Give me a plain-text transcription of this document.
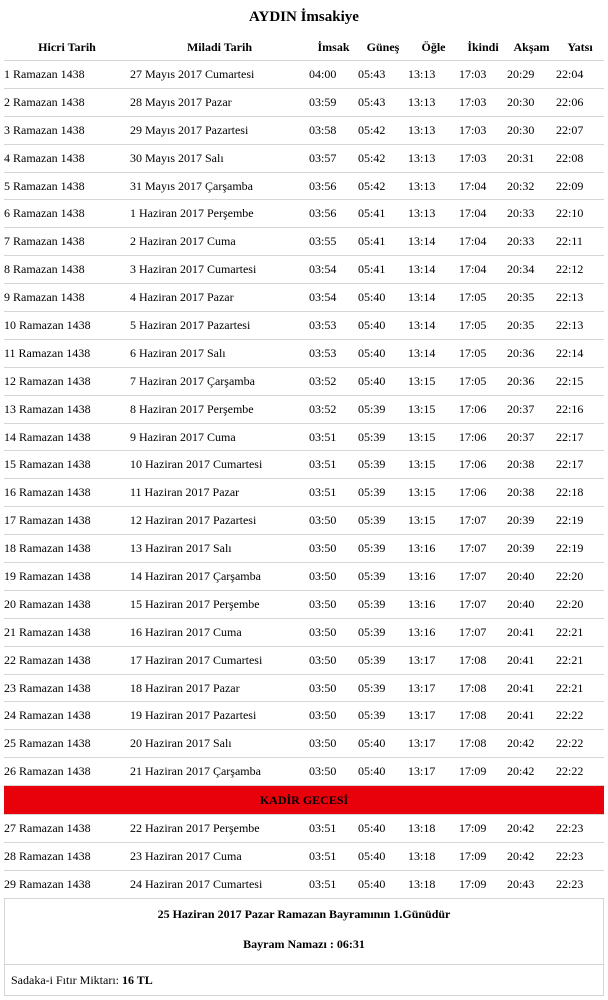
AYDIN İmsakiye
Hicri Tarih	Miladi Tarih	İmsak	Güneş	Öğle	İkindi	Akşam	Yatsı
1 Ramazan 1438	27 Mayıs 2017 Cumartesi	04:00	05:43	13:13	17:03	20:29	22:04
2 Ramazan 1438	28 Mayıs 2017 Pazar	03:59	05:43	13:13	17:03	20:30	22:06
3 Ramazan 1438	29 Mayıs 2017 Pazartesi	03:58	05:42	13:13	17:03	20:30	22:07
4 Ramazan 1438	30 Mayıs 2017 Salı	03:57	05:42	13:13	17:03	20:31	22:08
5 Ramazan 1438	31 Mayıs 2017 Çarşamba	03:56	05:42	13:13	17:04	20:32	22:09
6 Ramazan 1438	1 Haziran 2017 Perşembe	03:56	05:41	13:13	17:04	20:33	22:10
7 Ramazan 1438	2 Haziran 2017 Cuma	03:55	05:41	13:14	17:04	20:33	22:11
8 Ramazan 1438	3 Haziran 2017 Cumartesi	03:54	05:41	13:14	17:04	20:34	22:12
9 Ramazan 1438	4 Haziran 2017 Pazar	03:54	05:40	13:14	17:05	20:35	22:13
10 Ramazan 1438	5 Haziran 2017 Pazartesi	03:53	05:40	13:14	17:05	20:35	22:13
11 Ramazan 1438	6 Haziran 2017 Salı	03:53	05:40	13:14	17:05	20:36	22:14
12 Ramazan 1438	7 Haziran 2017 Çarşamba	03:52	05:40	13:15	17:05	20:36	22:15
13 Ramazan 1438	8 Haziran 2017 Perşembe	03:52	05:39	13:15	17:06	20:37	22:16
14 Ramazan 1438	9 Haziran 2017 Cuma	03:51	05:39	13:15	17:06	20:37	22:17
15 Ramazan 1438	10 Haziran 2017 Cumartesi	03:51	05:39	13:15	17:06	20:38	22:17
16 Ramazan 1438	11 Haziran 2017 Pazar	03:51	05:39	13:15	17:06	20:38	22:18
17 Ramazan 1438	12 Haziran 2017 Pazartesi	03:50	05:39	13:15	17:07	20:39	22:19
18 Ramazan 1438	13 Haziran 2017 Salı	03:50	05:39	13:16	17:07	20:39	22:19
19 Ramazan 1438	14 Haziran 2017 Çarşamba	03:50	05:39	13:16	17:07	20:40	22:20
20 Ramazan 1438	15 Haziran 2017 Perşembe	03:50	05:39	13:16	17:07	20:40	22:20
21 Ramazan 1438	16 Haziran 2017 Cuma	03:50	05:39	13:16	17:07	20:41	22:21
22 Ramazan 1438	17 Haziran 2017 Cumartesi	03:50	05:39	13:17	17:08	20:41	22:21
23 Ramazan 1438	18 Haziran 2017 Pazar	03:50	05:39	13:17	17:08	20:41	22:21
24 Ramazan 1438	19 Haziran 2017 Pazartesi	03:50	05:39	13:17	17:08	20:41	22:22
25 Ramazan 1438	20 Haziran 2017 Salı	03:50	05:40	13:17	17:08	20:42	22:22
26 Ramazan 1438	21 Haziran 2017 Çarşamba	03:50	05:40	13:17	17:09	20:42	22:22
KADİR GECESİ							
27 Ramazan 1438	22 Haziran 2017 Perşembe	03:51	05:40	13:18	17:09	20:42	22:23
28 Ramazan 1438	23 Haziran 2017 Cuma	03:51	05:40	13:18	17:09	20:42	22:23
29 Ramazan 1438	24 Haziran 2017 Cumartesi	03:51	05:40	13:18	17:09	20:43	22:23
25 Haziran 2017 Pazar Ramazan Bayramının 1.Günüdür
Bayram Namazı : 06:31
Sadaka-i Fıtır Miktarı: 16 TL
